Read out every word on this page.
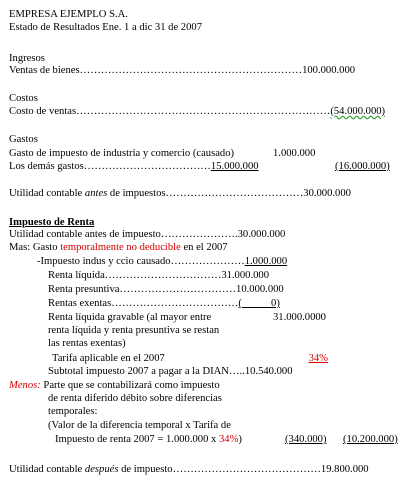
EMPRESA EJEMPLO S.A.
Estado de Resultados Ene. 1 a dic 31 de 2007
Ingresos
Ventas de bienes………………………………………………………100.000.000
Costos
Costo de ventas………………………………………………………………(54.000.000)
Gastos
Gasto de impuesto de industria y comercio (causado)	1.000.000
Los demás gastos………………………………15.000.000	(16.000.000)
Utilidad contable antes de impuestos…………………………………30.000.000
Impuesto de Renta
Utilidad contable antes de impuesto………………….30.000.000
Mas: Gasto temporalmente no deducible en el 2007
-Impuesto indus y ccio causado…………………1.000.000
Renta líquida……………………………31.000.000
Renta presuntiva……………………………10.000.000
Rentas exentas………………………………(           0)
Renta líquida gravable (al mayor entre	31.000.0000
renta líquida y renta presuntiva se restan
las rentas exentas)
Tarifa aplicable en el 2007	34%
Subtotal impuesto 2007 a pagar a la DIAN…..10.540.000
Menos: Parte que se contabilizará como impuesto
de renta diferido débito sobre diferencias
temporales:
(Valor de la diferencia temporal x Tarifa de
Impuesto de renta 2007 = 1.000.000 x 34%)	(340.000) (10.200.000)
Utilidad contable después de impuesto……………………………………19.800.000
